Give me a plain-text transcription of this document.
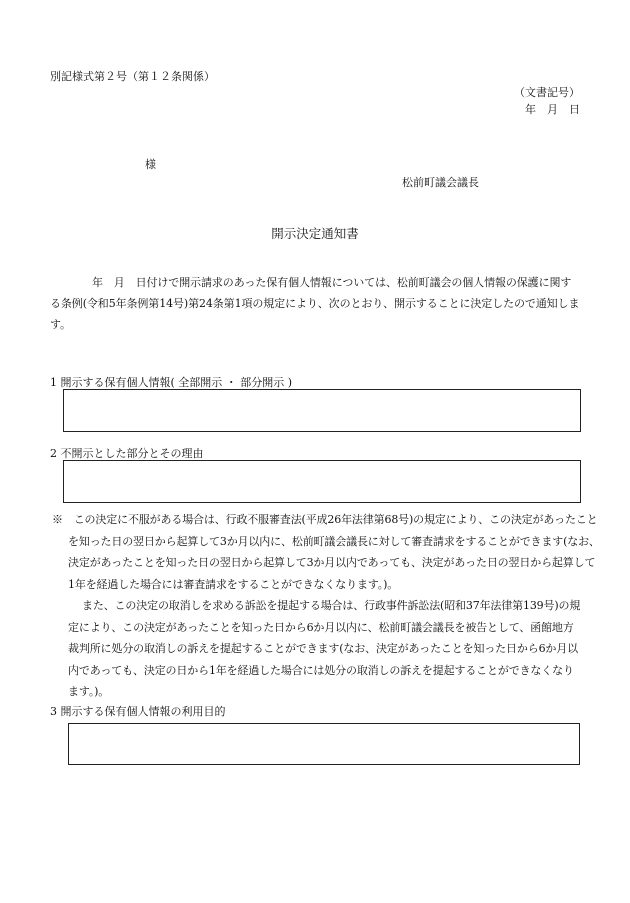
別記様式第２号（第１２条関係）
（文書記号）
年　月　日
様
松前町議会議長
開示決定通知書
年　月　日付けで開示請求のあった保有個人情報については、松前町議会の個人情報の保護に関する条例(令和5年条例第14号)第24条第1項の規定により、次のとおり、開示することに決定したので通知します。
1 開示する保有個人情報( 全部開示 ・ 部分開示 )
2 不開示とした部分とその理由
※　この決定に不服がある場合は、行政不服審査法(平成26年法律第68号)の規定により、この決定があったことを知った日の翌日から起算して3か月以内に、松前町議会議長に対して審査請求をすることができます(なお、決定があったことを知った日の翌日から起算して3か月以内であっても、決定があった日の翌日から起算して1年を経過した場合には審査請求をすることができなくなります。)。
また、この決定の取消しを求める訴訟を提起する場合は、行政事件訴訟法(昭和37年法律第139号)の規定により、この決定があったことを知った日から6か月以内に、松前町議会議長を被告として、函館地方裁判所に処分の取消しの訴えを提起することができます(なお、決定があったことを知った日から6か月以内であっても、決定の日から1年を経過した場合には処分の取消しの訴えを提起することができなくなります。)。
3 開示する保有個人情報の利用目的
